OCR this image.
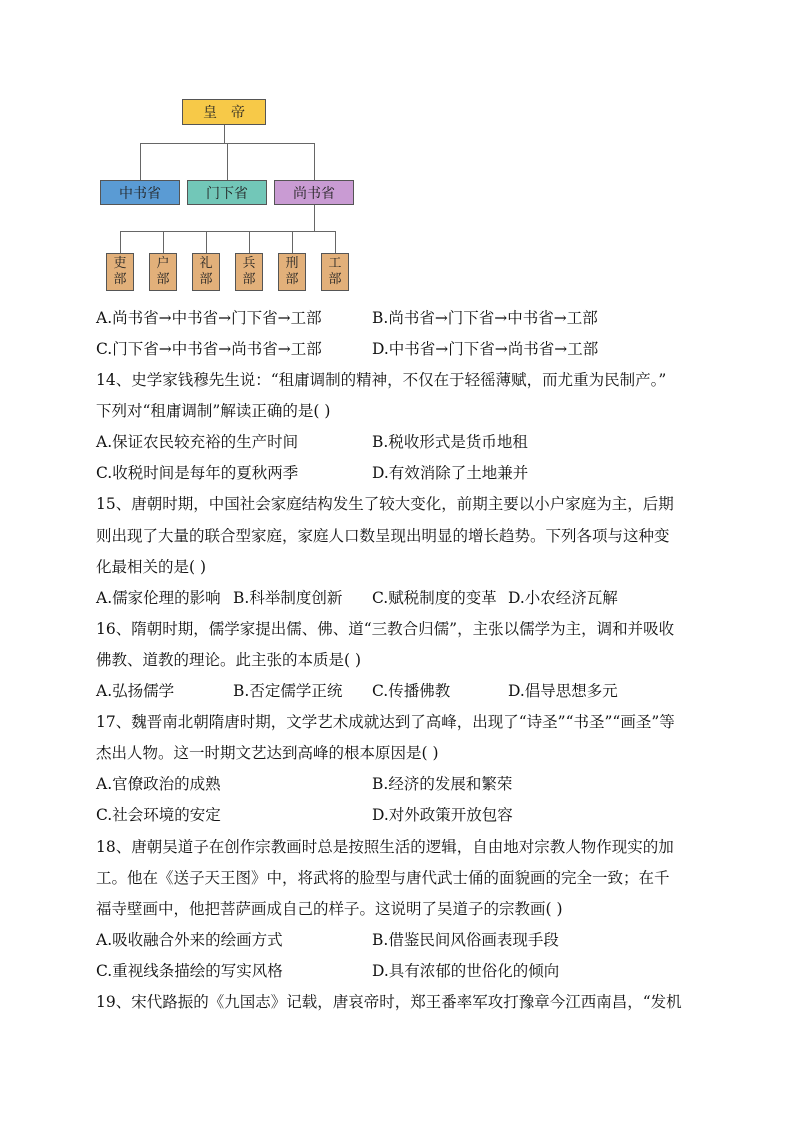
皇帝
中书省	门下省	尚书省
吏
部
户
部
礼
部
兵
部
刑
部
工
部
A.尚书省→中书省→门下省→工部	B.尚书省→门下省→中书省→工部
C.门下省→中书省→尚书省→工部	D.中书省→门下省→尚书省→工部
14、史学家钱穆先生说：“租庸调制的精神，不仅在于轻徭薄赋，而尤重为民制产。”
下列对“租庸调制”解读正确的是( )
A.保证农民较充裕的生产时间	B.税收形式是货币地租
C.收税时间是每年的夏秋两季	D.有效消除了土地兼并
15、唐朝时期，中国社会家庭结构发生了较大变化，前期主要以小户家庭为主，后期
则出现了大量的联合型家庭，家庭人口数呈现出明显的增长趋势。下列各项与这种变
化最相关的是( )
A.儒家伦理的影响 B.科举制度创新 C.赋税制度的变革 D.小农经济瓦解
16、隋朝时期，儒学家提出儒、佛、道“三教合归儒”，主张以儒学为主，调和并吸收
佛教、道教的理论。此主张的本质是( )
A.弘扬儒学	B.否定儒学正统 C.传播佛教	D.倡导思想多元
17、魏晋南北朝隋唐时期，文学艺术成就达到了高峰，出现了“诗圣”“书圣”“画圣”等
杰出人物。这一时期文艺达到高峰的根本原因是( )
A.官僚政治的成熟	B.经济的发展和繁荣
C.社会环境的安定	D.对外政策开放包容
18、唐朝吴道子在创作宗教画时总是按照生活的逻辑，自由地对宗教人物作现实的加
工。他在《送子天王图》中，将武将的脸型与唐代武士俑的面貌画的完全一致；在千
福寺壁画中，他把菩萨画成自己的样子。这说明了吴道子的宗教画( )
A.吸收融合外来的绘画方式	B.借鉴民间风俗画表现手段
C.重视线条描绘的写实风格	D.具有浓郁的世俗化的倾向
19、宋代路振的《九国志》记载，唐哀帝时，郑王番率军攻打豫章今江西南昌，“发机
